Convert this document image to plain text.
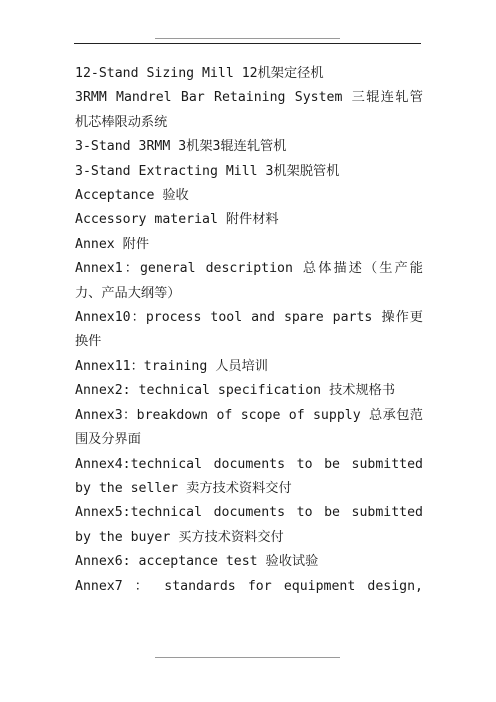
12-Stand Sizing Mill 12机架定径机
3RMM Mandrel Bar Retaining System 三辊连轧管机芯棒限动系统
3-Stand 3RMM 3机架3辊连轧管机
3-Stand Extracting Mill 3机架脱管机
Acceptance 验收
Accessory material 附件材料
Annex 附件
Annex1：general description 总体描述（生产能力、产品大纲等）
Annex10：process tool and spare parts 操作更换件
Annex11：training 人员培训
Annex2: technical specification 技术规格书
Annex3：breakdown of scope of supply 总承包范围及分界面
Annex4:technical documents to be submitted by the seller 卖方技术资料交付
Annex5:technical documents to be submitted by the buyer 买方技术资料交付
Annex6: acceptance test 验收试验
Annex7 ： standards for equipment design,
